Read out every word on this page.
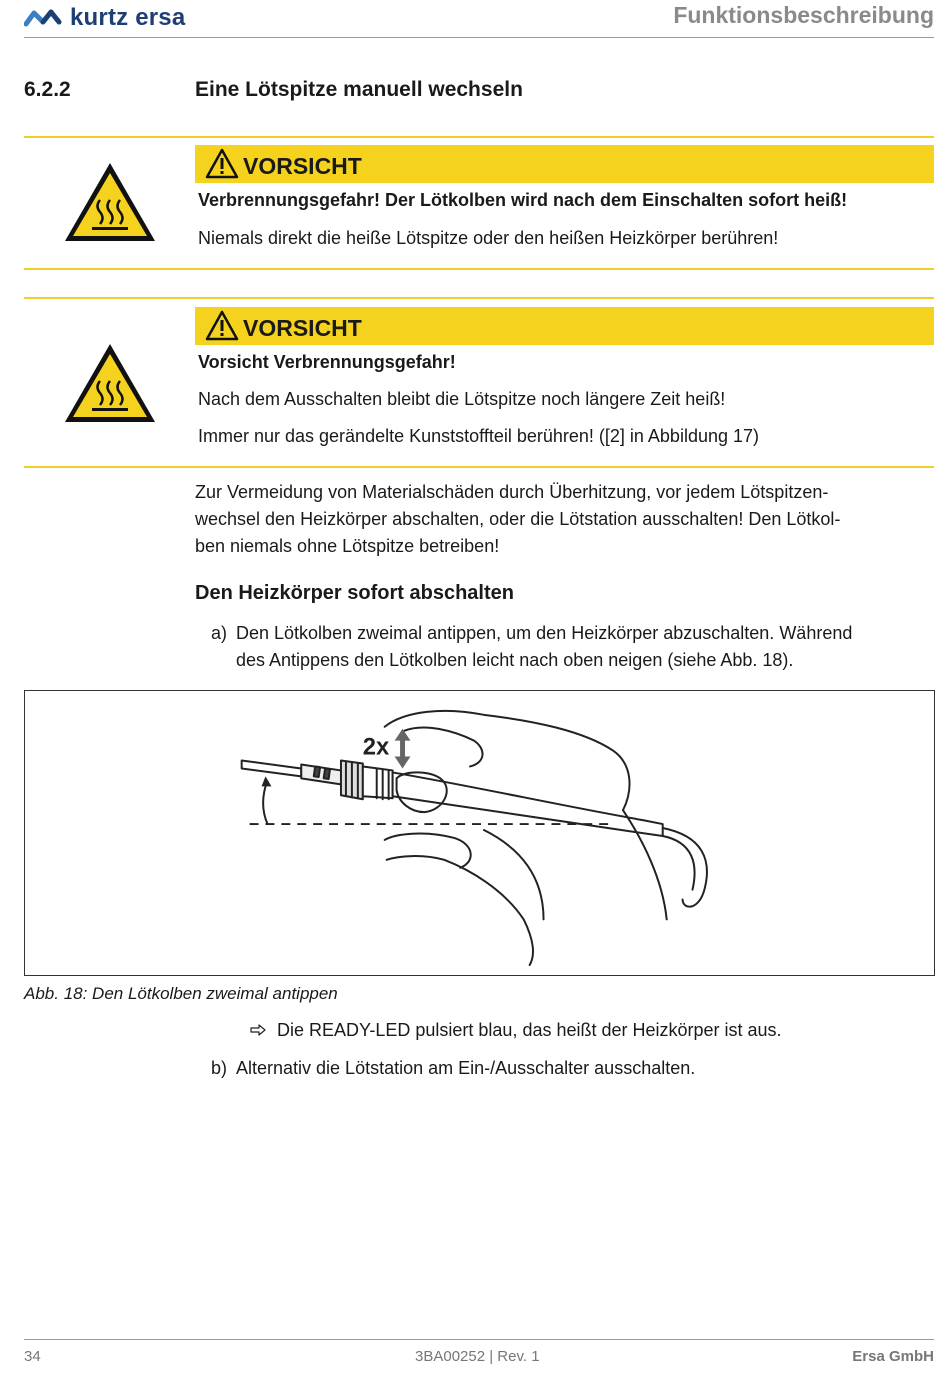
kurtz ersa	Funktionsbeschreibung
6.2.2	Eine Lötspitze manuell wechseln
VORSICHT
Verbrennungsgefahr! Der Lötkolben wird nach dem Einschalten sofort heiß!
Niemals direkt die heiße Lötspitze oder den heißen Heizkörper berühren!
VORSICHT
Vorsicht Verbrennungsgefahr!
Nach dem Ausschalten bleibt die Lötspitze noch längere Zeit heiß!
Immer nur das gerändelte Kunststoffteil berühren! ([2] in Abbildung 17)
Zur Vermeidung von Materialschäden durch Überhitzung, vor jedem Lötspitzen-
wechsel den Heizkörper abschalten, oder die Lötstation ausschalten! Den Lötkol-
ben niemals ohne Lötspitze betreiben!
Den Heizkörper sofort abschalten
a) Den Lötkolben zweimal antippen, um den Heizkörper abzuschalten. Während
des Antippens den Lötkolben leicht nach oben neigen (siehe Abb. 18).
2x
Abb. 18: Den Lötkolben zweimal antippen
Die READY-LED pulsiert blau, das heißt der Heizkörper ist aus.
b) Alternativ die Lötstation am Ein-/Ausschalter ausschalten.
34	3BA00252 | Rev. 1	Ersa GmbH
